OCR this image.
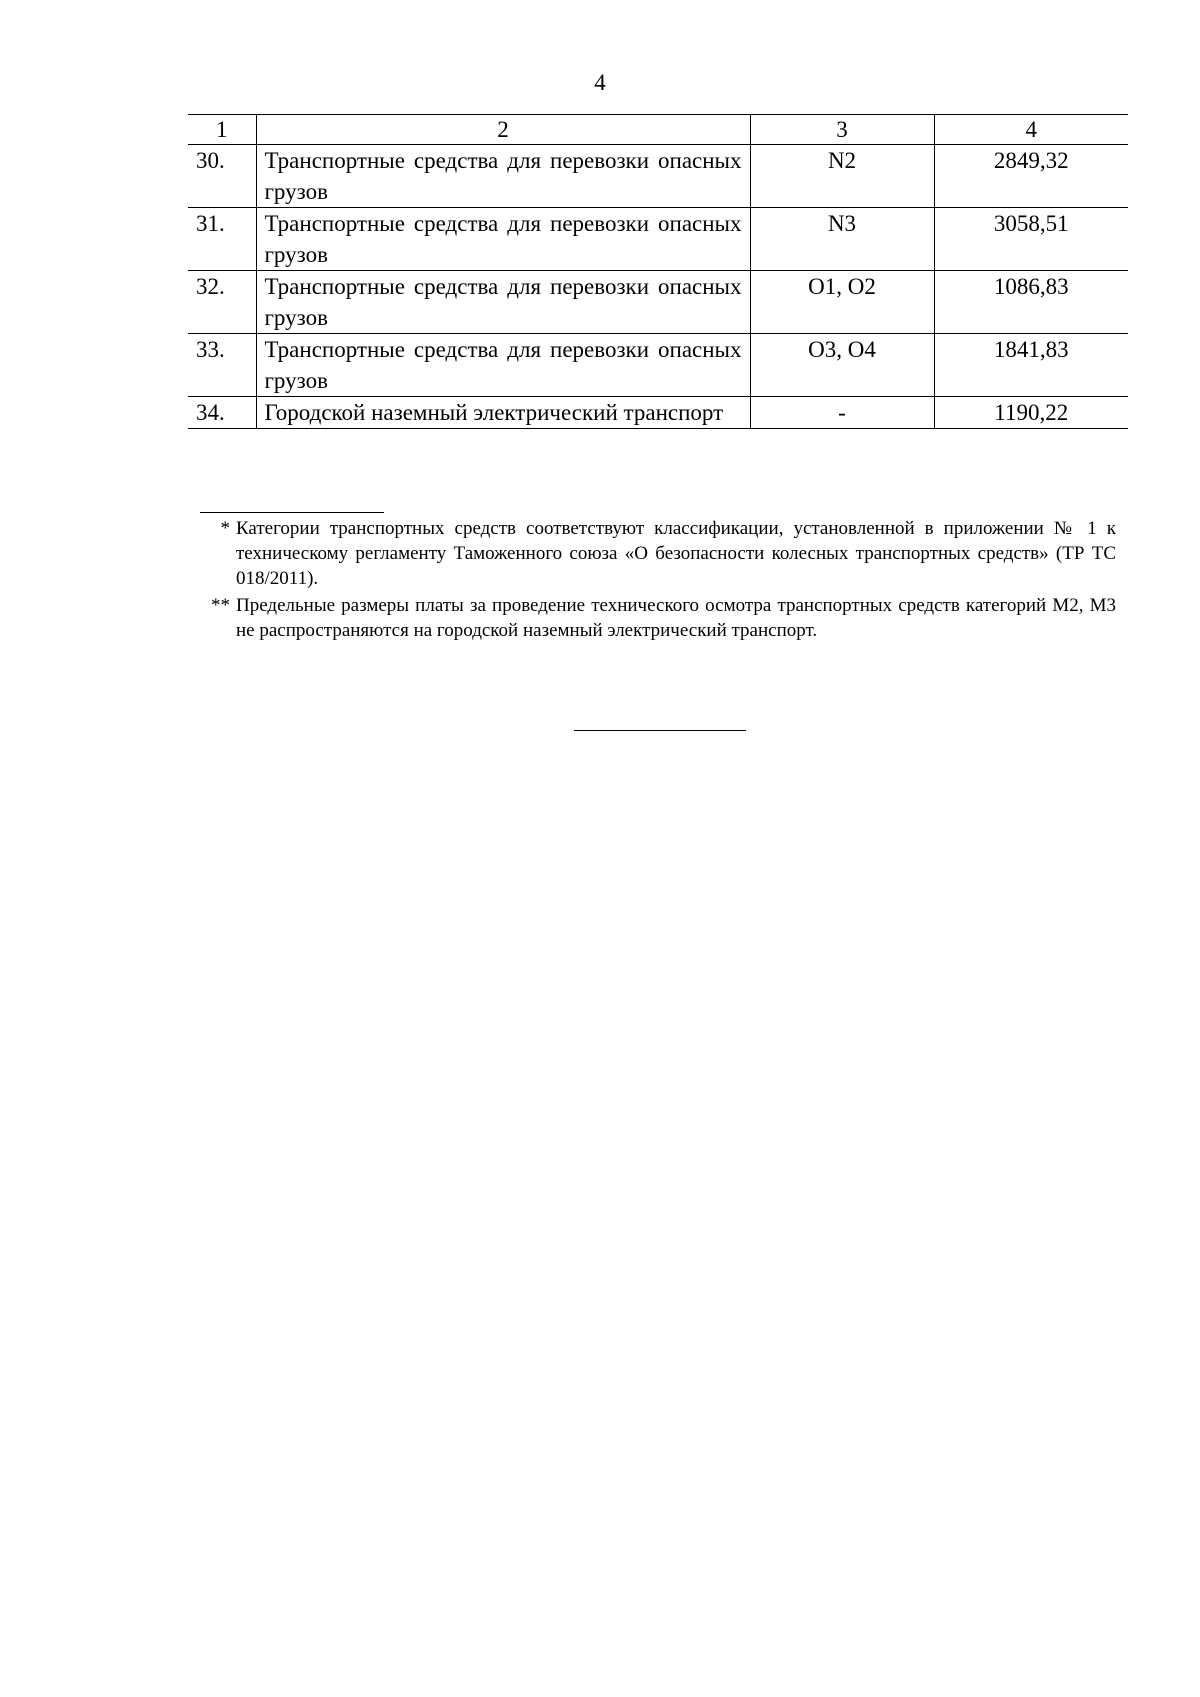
4
1	2	3	4
30.	Транспортные средства для перевозки опасных грузов	N2	2849,32
31.	Транспортные средства для перевозки опасных грузов	N3	3058,51
32.	Транспортные средства для перевозки опасных грузов	O1, O2	1086,83
33.	Транспортные средства для перевозки опасных грузов	O3, O4	1841,83
34.	Городской наземный электрический транспорт	-	1190,22

* Категории транспортных средств соответствуют классификации, установленной в приложении № 1 к техническому регламенту Таможенного союза «О безопасности колесных транспортных средств» (ТР ТС 018/2011).

** Предельные размеры платы за проведение технического осмотра транспортных средств категорий М2, М3 не распространяются на городской наземный электрический транспорт.
